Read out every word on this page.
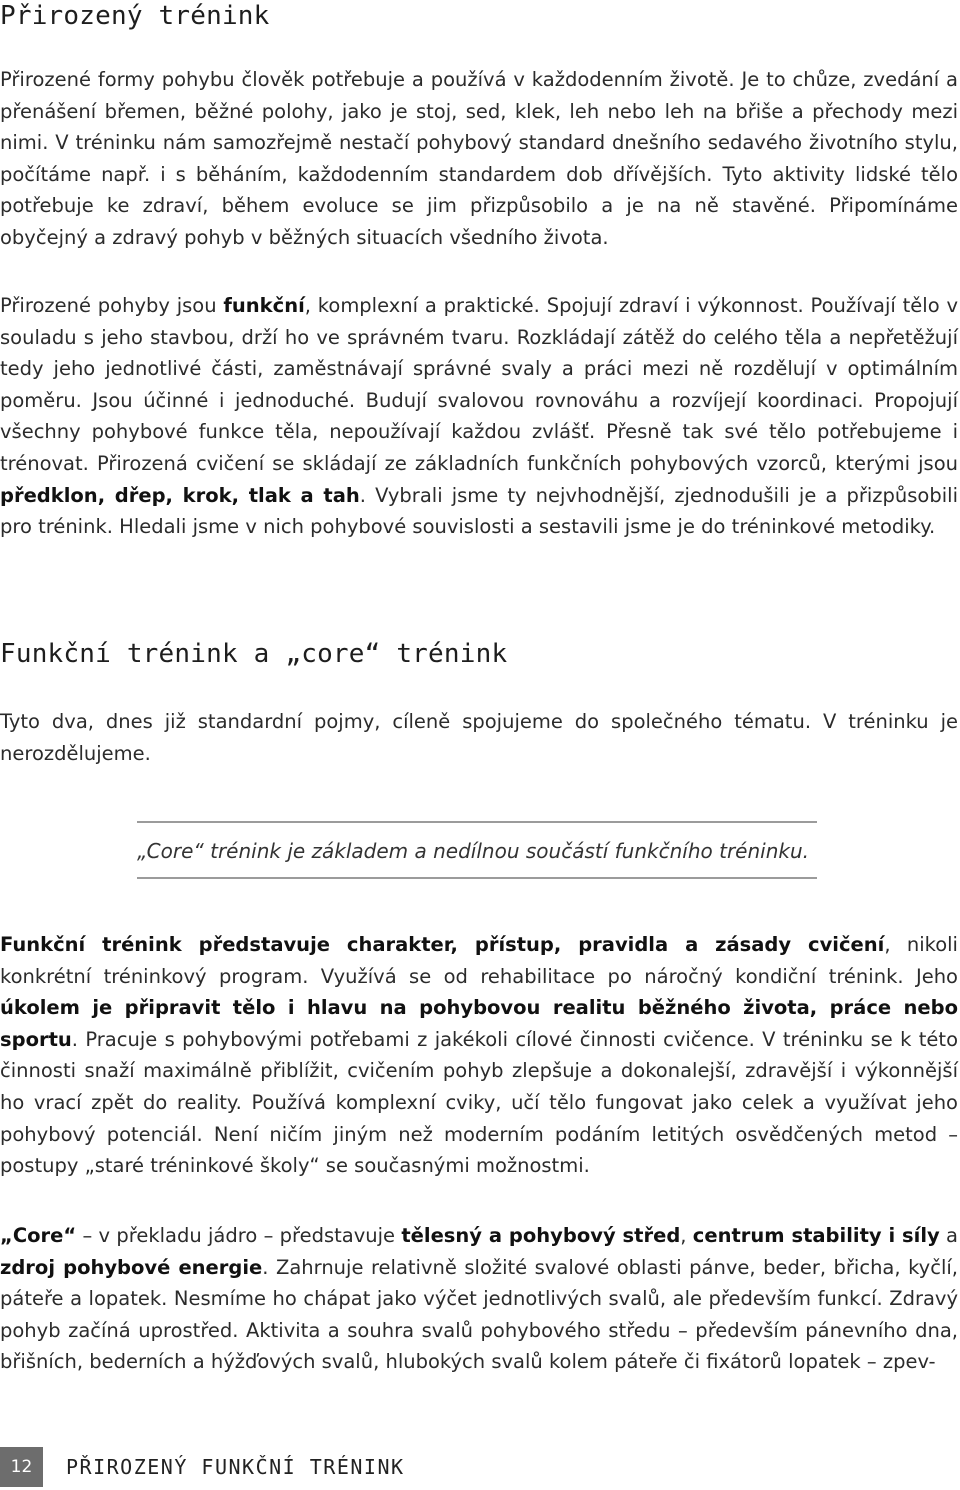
Přirozený trénink

Přirozené formy pohybu člověk potřebuje a používá v každodenním životě. Je to chůze, zvedání a přenášení břemen, běžné polohy, jako je stoj, sed, klek, leh nebo leh na břiše a přechody mezi nimi. V tréninku nám samozřejmě nestačí pohybový standard dnešního sedavého životního stylu, počítáme např. i s běháním, každodenním standardem dob dřívějších. Tyto aktivity lidské tělo potřebuje ke zdraví, během evoluce se jim přizpůsobilo a je na ně stavěné. Připomínáme obyčejný a zdravý pohyb v běžných situacích všedního života.

Přirozené pohyby jsou funkční, komplexní a praktické. Spojují zdraví i výkonnost. Používají tělo v souladu s jeho stavbou, drží ho ve správném tvaru. Rozkládají zátěž do celého těla a nepřetěžují tedy jeho jednotlivé části, zaměstnávají správné svaly a práci mezi ně rozdělují v optimálním poměru. Jsou účinné i jednoduché. Budují svalovou rovnováhu a rozvíjejí koordinaci. Propojují všechny pohybové funkce těla, nepoužívají každou zvlášť. Přesně tak své tělo potřebujeme i trénovat. Přirozená cvičení se skládají ze základních funkčních pohybových vzorců, kterými jsou předklon, dřep, krok, tlak a tah. Vybrali jsme ty nejvhodnější, zjednodušili je a přizpůsobili pro trénink. Hledali jsme v nich pohybové souvislosti a sestavili jsme je do tréninkové metodiky.

Funkční trénink a „core“ trénink

Tyto dva, dnes již standardní pojmy, cíleně spojujeme do společného tématu. V tréninku je nerozdělujeme.

„Core“ trénink je základem a nedílnou součástí funkčního tréninku.

Funkční trénink představuje charakter, přístup, pravidla a zásady cvičení, nikoli konkrétní tréninkový program. Využívá se od rehabilitace po náročný kondiční trénink. Jeho úkolem je připravit tělo i hlavu na pohybovou realitu běžného života, práce nebo sportu. Pracuje s pohybovými potřebami z jakékoli cílové činnosti cvičence. V tréninku se k této činnosti snaží maximálně přiblížit, cvičením pohyb zlepšuje a dokonalejší, zdravější i výkonnější ho vrací zpět do reality. Používá komplexní cviky, učí tělo fungovat jako celek a využívat jeho pohybový potenciál. Není ničím jiným než moderním podáním letitých osvědčených metod – postupy „staré tréninkové školy“ se současnými možnostmi.

„Core“ – v překladu jádro – představuje tělesný a pohybový střed, centrum stability i síly a zdroj pohybové energie. Zahrnuje relativně složité svalové oblasti pánve, beder, břicha, kyčlí, páteře a lopatek. Nesmíme ho chápat jako výčet jednotlivých svalů, ale především funkcí. Zdravý pohyb začíná uprostřed. Aktivita a souhra svalů pohybového středu – především pánevního dna, břišních, bederních a hýžďových svalů, hlubokých svalů kolem páteře či fixátorů lopatek – zpev-

12	PŘIROZENÝ FUNKČNÍ TRÉNINK
